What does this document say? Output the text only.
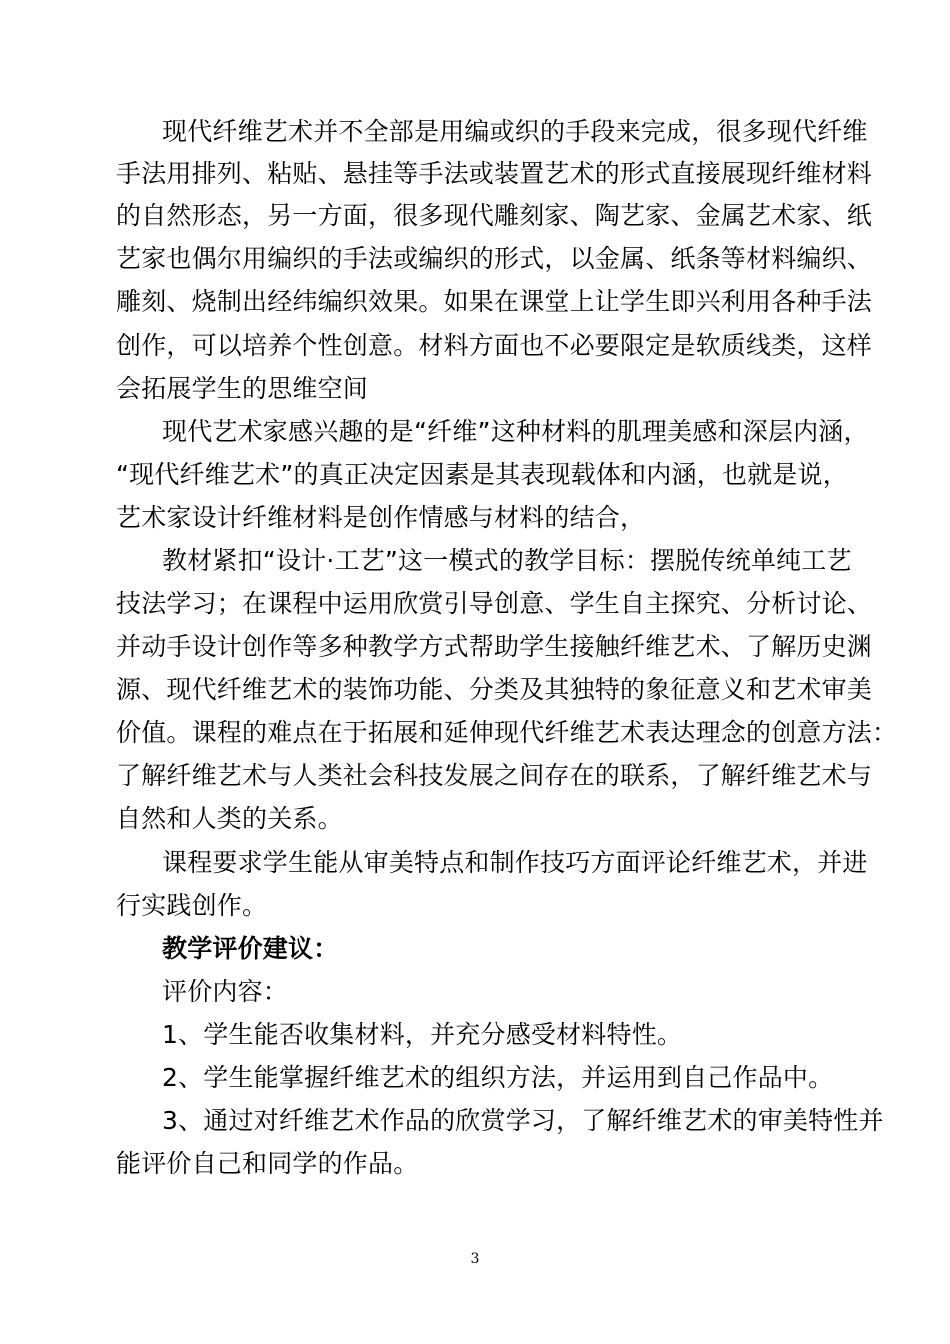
现代纤维艺术并不全部是用编或织的手段来完成，很多现代纤维
手法用排列、粘贴、悬挂等手法或装置艺术的形式直接展现纤维材料
的自然形态，另一方面，很多现代雕刻家、陶艺家、金属艺术家、纸
艺家也偶尔用编织的手法或编织的形式，以金属、纸条等材料编织、
雕刻、烧制出经纬编织效果。如果在课堂上让学生即兴利用各种手法
创作，可以培养个性创意。材料方面也不必要限定是软质线类，这样
会拓展学生的思维空间
现代艺术家感兴趣的是“纤维”这种材料的肌理美感和深层内涵，
“现代纤维艺术”的真正决定因素是其表现载体和内涵，也就是说，
艺术家设计纤维材料是创作情感与材料的结合，
教材紧扣“设计·工艺”这一模式的教学目标：摆脱传统单纯工艺
技法学习；在课程中运用欣赏引导创意、学生自主探究、分析讨论、
并动手设计创作等多种教学方式帮助学生接触纤维艺术、了解历史渊
源、现代纤维艺术的装饰功能、分类及其独特的象征意义和艺术审美
价值。课程的难点在于拓展和延伸现代纤维艺术表达理念的创意方法：
了解纤维艺术与人类社会科技发展之间存在的联系，了解纤维艺术与
自然和人类的关系。
课程要求学生能从审美特点和制作技巧方面评论纤维艺术，并进
行实践创作。
教学评价建议：
评价内容：
1、学生能否收集材料，并充分感受材料特性。
2、学生能掌握纤维艺术的组织方法，并运用到自己作品中。
3、通过对纤维艺术作品的欣赏学习，了解纤维艺术的审美特性并
能评价自己和同学的作品。
3
